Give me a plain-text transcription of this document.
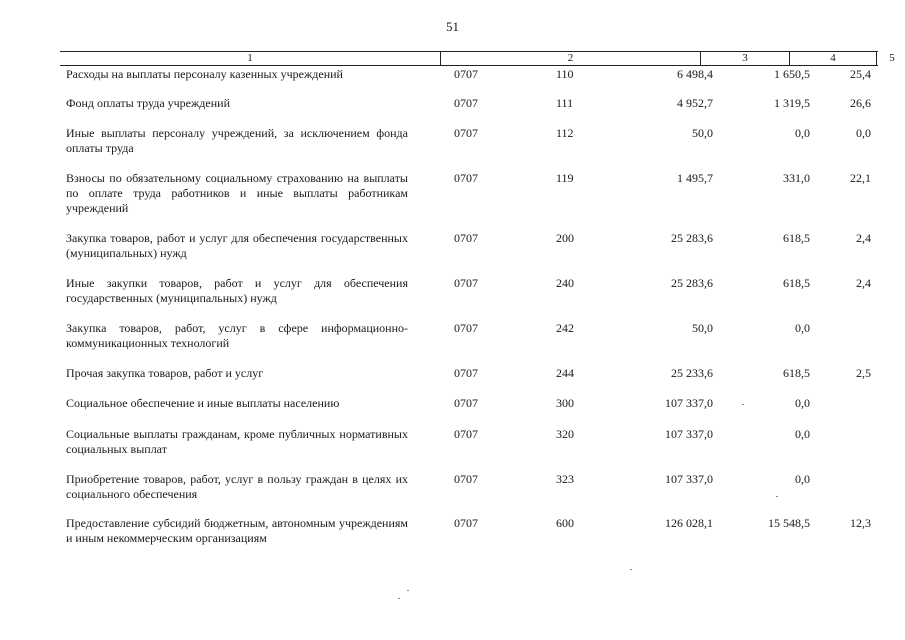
51
1	2	3	4	5
Расходы на выплаты персоналу казенных учреждений	0707	110	6 498,4	1 650,5	25,4
Фонд оплаты труда учреждений	0707	111	4 952,7	1 319,5	26,6
Иные выплаты персоналу учреждений, за исключением фонда оплаты труда
0707	112	50,0	0,0	0,0
Взносы по обязательному социальному страхованию на выплаты по оплате труда работников и иные выплаты работникам учреждений
0707	119	1 495,7	331,0	22,1
Закупка товаров, работ и услуг для обеспечения государственных (муниципальных) нужд
0707	200	25 283,6	618,5	2,4
Иные закупки товаров, работ и услуг для обеспечения государственных (муниципальных) нужд
0707	240	25 283,6	618,5	2,4
Закупка товаров, работ, услуг в сфере информационно-коммуникационных технологий
0707	242	50,0	0,0
Прочая закупка товаров, работ и услуг	0707	244	25 233,6	618,5	2,5
Социальное обеспечение и иные выплаты населению	0707	300	107 337,0	0,0
Социальные выплаты гражданам, кроме публичных нормативных социальных выплат
0707	320	107 337,0	0,0
Приобретение товаров, работ, услуг в пользу граждан в целях их социального обеспечения
0707	323	107 337,0	0,0
Предоставление субсидий бюджетным, автономным учреждениям и иным некоммерческим организациям
0707	600	126 028,1	15 548,5	12,3
